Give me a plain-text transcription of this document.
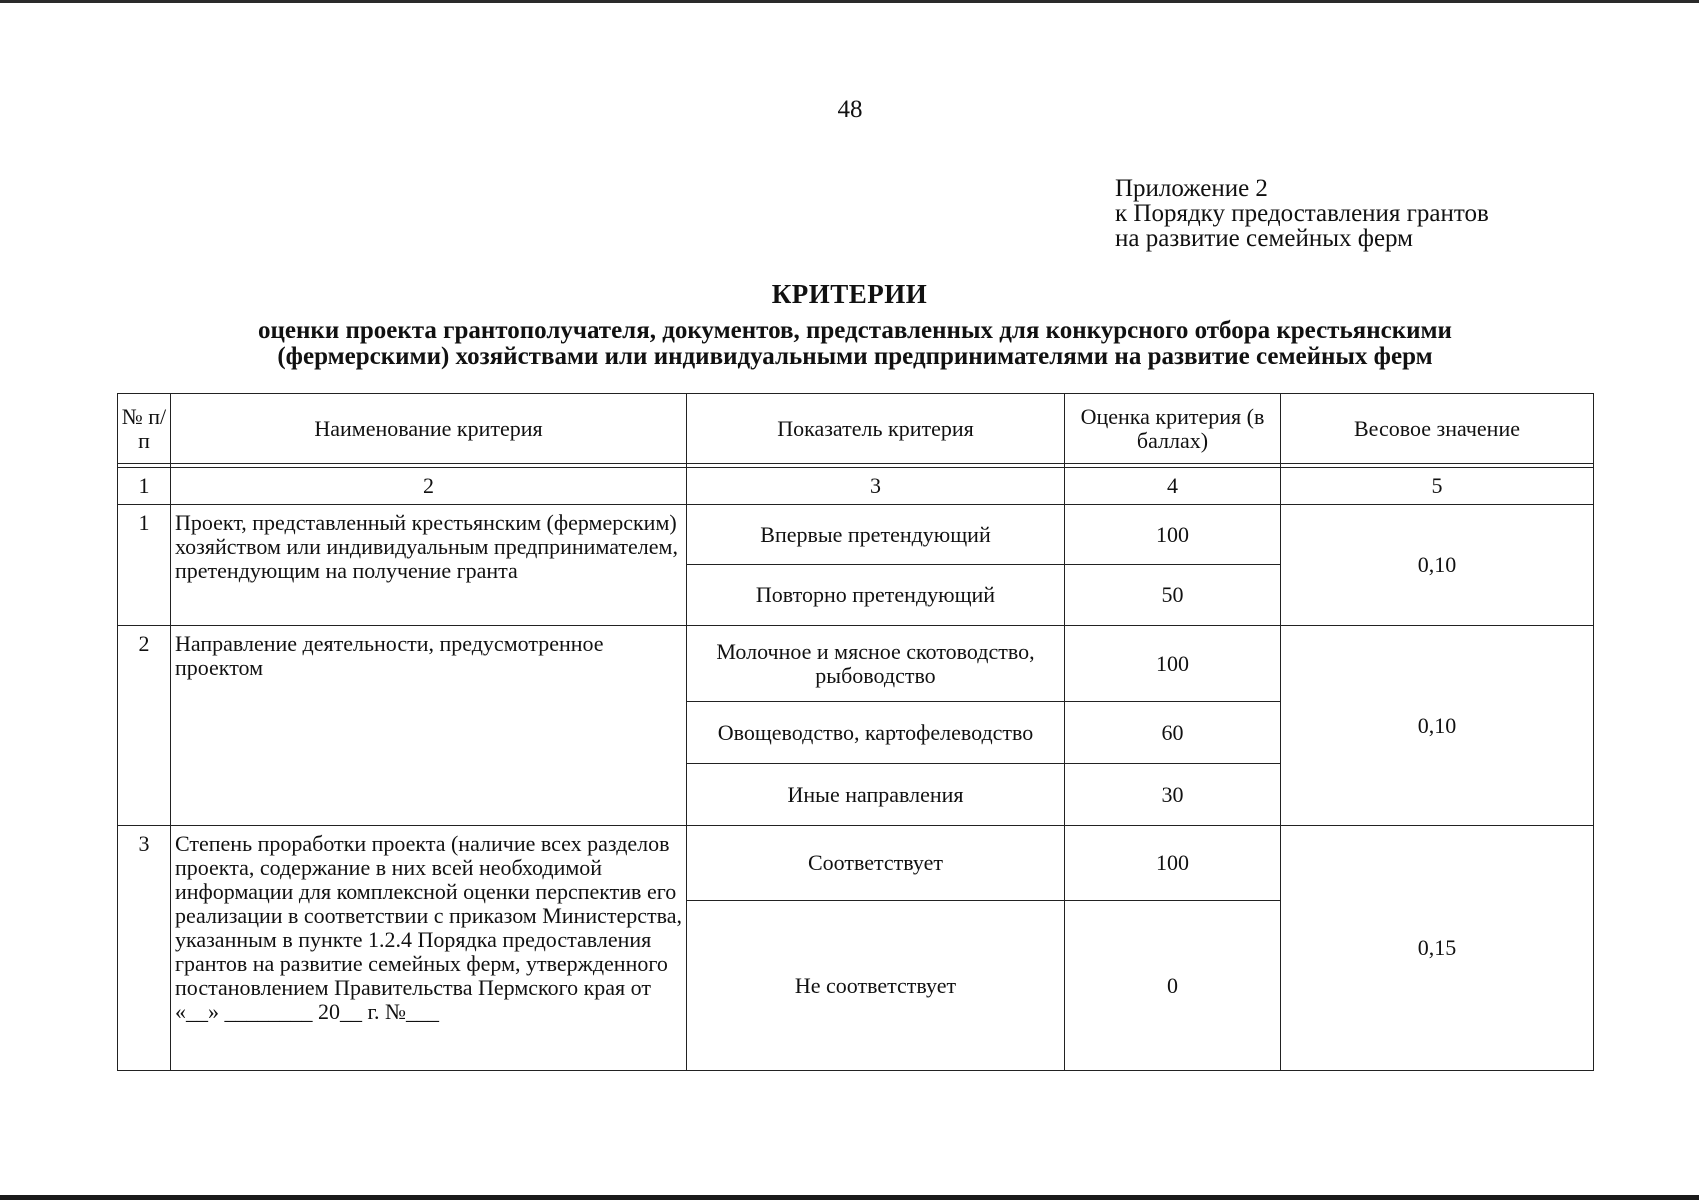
48
Приложение 2
к Порядку предоставления грантов
на развитие семейных ферм
КРИТЕРИИ
оценки проекта грантополучателя, документов, представленных для конкурсного отбора крестьянскими
(фермерскими) хозяйствами или индивидуальными предпринимателями на развитие семейных ферм
№ п/п	Наименование критерия	Показатель критерия	Оценка критерия (в баллах)	Весовое значение

1	2	3	4	5
1	Проект, представленный крестьянским (фермерским) хозяйством или индивидуальным предпринимателем, претендующим на получение гранта	Впервые претендующий	100	0,10
		Повторно претендующий	50	
2	Направление деятельности, предусмотренное проектом	Молочное и мясное скотоводство, рыбоводство	100	0,10
		Овощеводство, картофелеводство	60	
		Иные направления	30	
3	Степень проработки проекта (наличие всех разделов проекта, содержание в них всей необходимой информации для комплексной оценки перспектив его реализации в соответствии с приказом Министерства, указанным в пункте 1.2.4 Порядка предоставления грантов на развитие семейных ферм, утвержденного постановлением Правительства Пермского края от «__» ________ 20__ г. №___	Соответствует	100	0,15
		Не соответствует	0	
